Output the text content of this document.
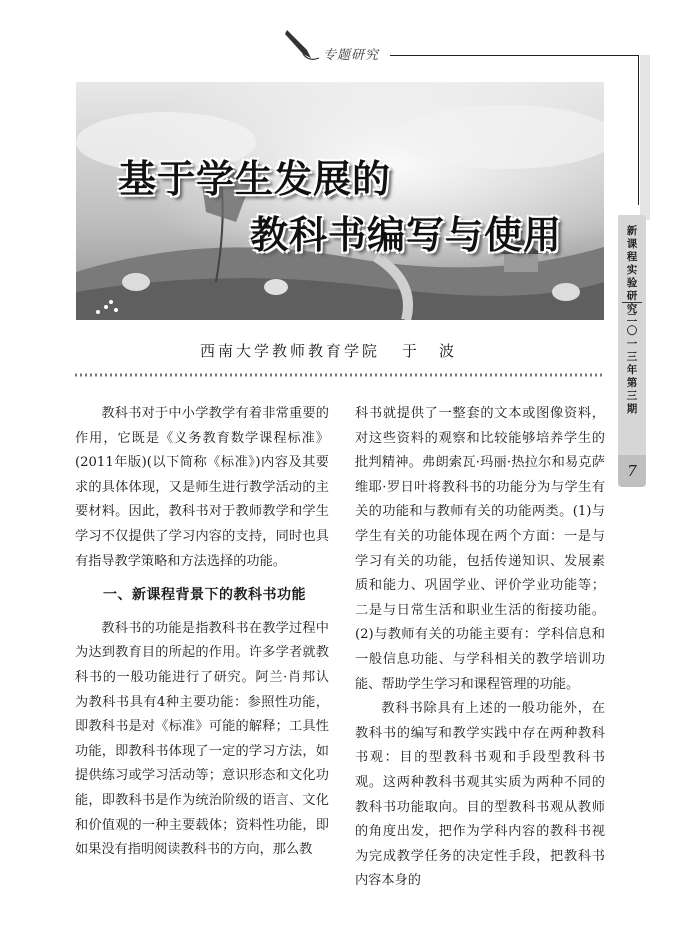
专题研究
基于学生发展的
教科书编写与使用
西南大学教师教育学院 于波

教科书对于中小学教学有着非常重要的作用，它既是《义务教育数学课程标准》(2011年版)(以下简称《标准》)内容及其要求的具体体现，又是师生进行教学活动的主要材料。因此，教科书对于教师教学和学生学习不仅提供了学习内容的支持，同时也具有指导教学策略和方法选择的功能。

一、新课程背景下的教科书功能

教科书的功能是指教科书在教学过程中为达到教育目的所起的作用。许多学者就教科书的一般功能进行了研究。阿兰·肖邦认为教科书具有4种主要功能：参照性功能，即教科书是对《标准》可能的解释；工具性功能，即教科书体现了一定的学习方法，如提供练习或学习活动等；意识形态和文化功能，即教科书是作为统治阶级的语言、文化和价值观的一种主要载体；资料性功能，即如果没有指明阅读教科书的方向，那么教

科书就提供了一整套的文本或图像资料，对这些资料的观察和比较能够培养学生的批判精神。弗朗索瓦·玛丽·热拉尔和易克萨维耶·罗日叶将教科书的功能分为与学生有关的功能和与教师有关的功能两类。(1)与学生有关的功能体现在两个方面：一是与学习有关的功能，包括传递知识、发展素质和能力、巩固学业、评价学业功能等；二是与日常生活和职业生活的衔接功能。(2)与教师有关的功能主要有：学科信息和一般信息功能、与学科相关的教学培训功能、帮助学生学习和课程管理的功能。

教科书除具有上述的一般功能外，在教科书的编写和教学实践中存在两种教科书观：目的型教科书观和手段型教科书观。这两种教科书观其实质为两种不同的教科书功能取向。目的型教科书观从教师的角度出发，把作为学科内容的教科书视为完成教学任务的决定性手段，把教科书内容本身的

新
课
程
实
验
研
究
二
〇
一
三
年
第
三
期
7
